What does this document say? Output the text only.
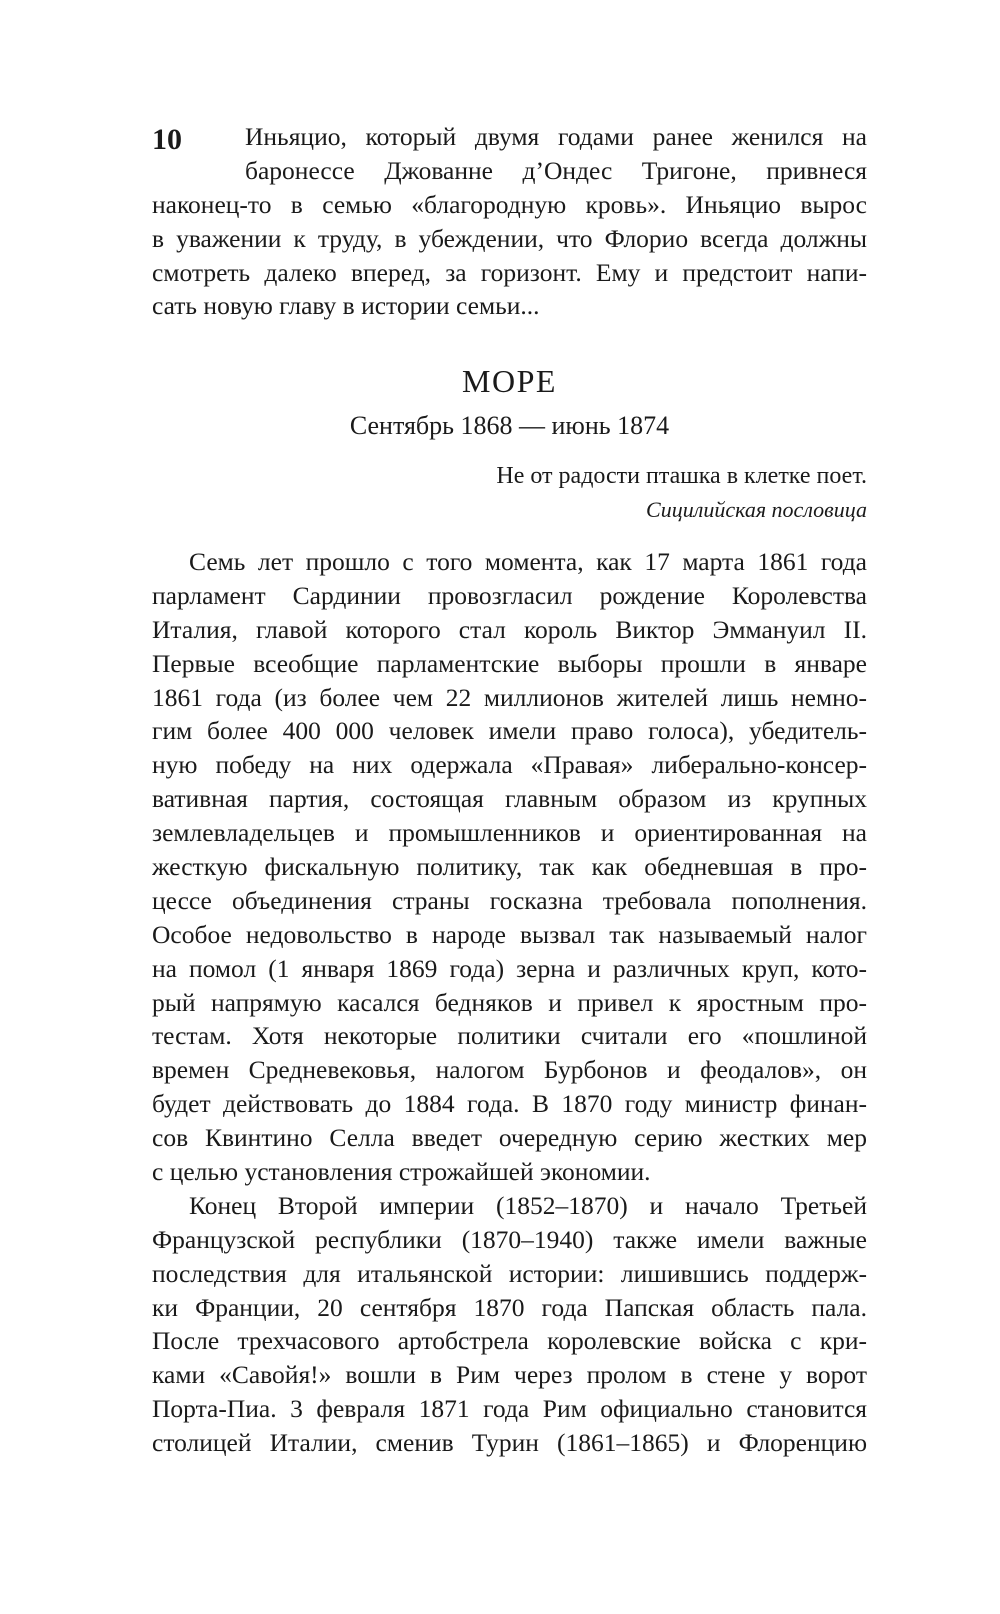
10	Иньяцио, который двумя годами ранее женился на
баронессе Джованне д’Ондес Тригоне, привнеся
наконец-то в семью «благородную кровь». Иньяцио вырос
в уважении к труду, в убеждении, что Флорио всегда должны
смотреть далеко вперед, за горизонт. Ему и предстоит напи-
сать новую главу в истории семьи...
МОРЕ
Сентябрь 1868 — июнь 1874
Не от радости пташка в клетке поет.
Сицилийская пословица
Семь лет прошло с того момента, как 17 марта 1861 года
парламент Сардинии провозгласил рождение Королевства
Италия, главой которого стал король Виктор Эммануил II.
Первые всеобщие парламентские выборы прошли в январе
1861 года (из более чем 22 миллионов жителей лишь немно-
гим более 400 000 человек имели право голоса), убедитель-
ную победу на них одержала «Правая» либерально-консер-
вативная партия, состоящая главным образом из крупных
землевладельцев и промышленников и ориентированная на
жесткую фискальную политику, так как обедневшая в про-
цессе объединения страны госказна требовала пополнения.
Особое недовольство в народе вызвал так называемый налог
на помол (1 января 1869 года) зерна и различных круп, кото-
рый напрямую касался бедняков и привел к яростным про-
тестам. Хотя некоторые политики считали его «пошлиной
времен Средневековья, налогом Бурбонов и феодалов», он
будет действовать до 1884 года. В 1870 году министр финан-
сов Квинтино Селла введет очередную серию жестких мер
с целью установления строжайшей экономии.
Конец Второй империи (1852–1870) и начало Третьей
Французской республики (1870–1940) также имели важные
последствия для итальянской истории: лишившись поддерж-
ки Франции, 20 сентября 1870 года Папская область пала.
После трехчасового артобстрела королевские войска с кри-
ками «Савойя!» вошли в Рим через пролом в стене у ворот
Порта-Пиа. 3 февраля 1871 года Рим официально становится
столицей Италии, сменив Турин (1861–1865) и Флоренцию
